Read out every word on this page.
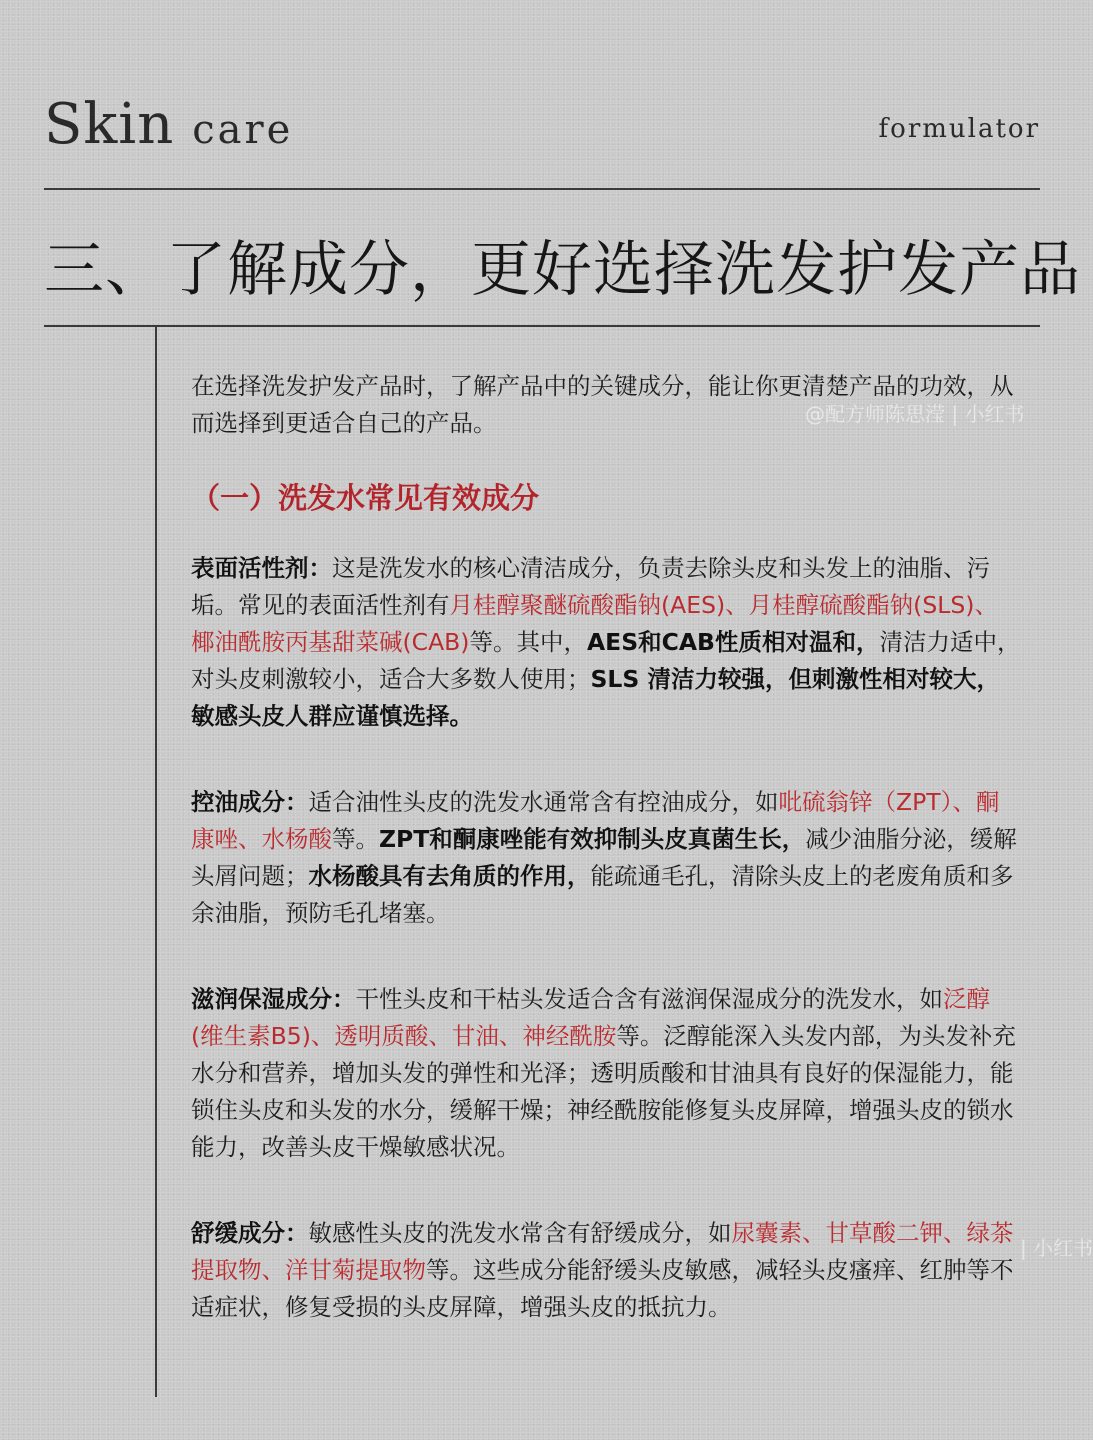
Skin care	formulator
三、了解成分，更好选择洗发护发产品
@配方师陈思滢 | 小红书
| 小红书

在选择洗发护发产品时，了解产品中的关键成分，能让你更清楚产品的功效，从而选择到更适合自己的产品。

（一）洗发水常见有效成分

表面活性剂：这是洗发水的核心清洁成分，负责去除头皮和头发上的油脂、污垢。常见的表面活性剂有月桂醇聚醚硫酸酯钠(AES)、月桂醇硫酸酯钠(SLS)、椰油酰胺丙基甜菜碱(CAB)等。其中，AES和CAB性质相对温和，清洁力适中，对头皮刺激较小，适合大多数人使用；SLS 清洁力较强，但刺激性相对较大，敏感头皮人群应谨慎选择。

控油成分：适合油性头皮的洗发水通常含有控油成分，如吡硫翁锌（ZPT）、酮康唑、水杨酸等。ZPT和酮康唑能有效抑制头皮真菌生长，减少油脂分泌，缓解头屑问题；水杨酸具有去角质的作用，能疏通毛孔，清除头皮上的老废角质和多余油脂，预防毛孔堵塞。

滋润保湿成分：干性头皮和干枯头发适合含有滋润保湿成分的洗发水，如泛醇(维生素B5)、透明质酸、甘油、神经酰胺等。泛醇能深入头发内部，为头发补充水分和营养，增加头发的弹性和光泽；透明质酸和甘油具有良好的保湿能力，能锁住头皮和头发的水分，缓解干燥；神经酰胺能修复头皮屏障，增强头皮的锁水能力，改善头皮干燥敏感状况。

舒缓成分：敏感性头皮的洗发水常含有舒缓成分，如尿囊素、甘草酸二钾、绿茶提取物、洋甘菊提取物等。这些成分能舒缓头皮敏感，减轻头皮瘙痒、红肿等不适症状，修复受损的头皮屏障，增强头皮的抵抗力。
